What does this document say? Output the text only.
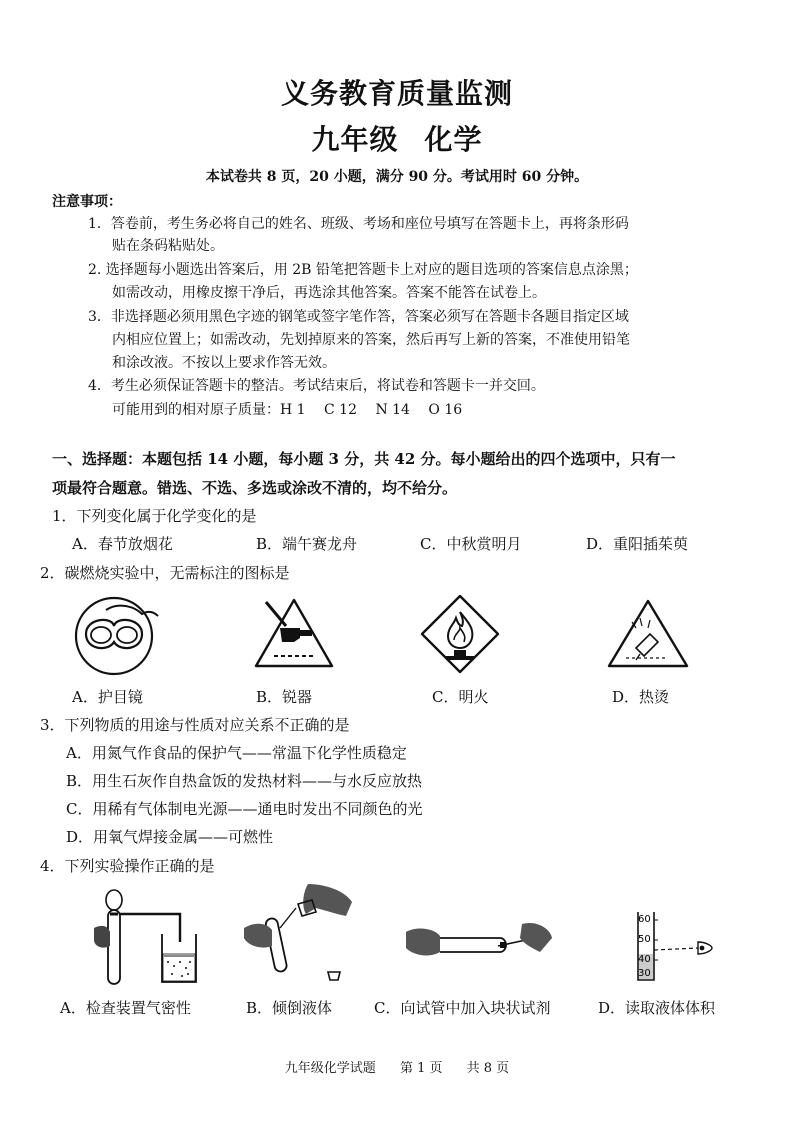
义务教育质量监测
九年级 化学
本试卷共 8 页，20 小题，满分 90 分。考试用时 60 分钟。
注意事项：
1．答卷前，考生务必将自己的姓名、班级、考场和座位号填写在答题卡上，再将条形码
贴在条码粘贴处。
2. 选择题每小题选出答案后，用 2B 铅笔把答题卡上对应的题目选项的答案信息点涂黑；
如需改动，用橡皮擦干净后，再选涂其他答案。答案不能答在试卷上。
3．非选择题必须用黑色字迹的钢笔或签字笔作答，答案必须写在答题卡各题目指定区域
内相应位置上；如需改动，先划掉原来的答案，然后再写上新的答案，不准使用铅笔
和涂改液。不按以上要求作答无效。
4．考生必须保证答题卡的整洁。考试结束后，将试卷和答题卡一并交回。
可能用到的相对原子质量：H 1　 C 12　 N 14　 O 16
一、选择题：本题包括 14 小题，每小题 3 分，共 42 分。每小题给出的四个选项中，只有一
项最符合题意。错选、不选、多选或涂改不清的，均不给分。
1．下列变化属于化学变化的是
A．春节放烟花	B．端午赛龙舟	C．中秋赏明月	D．重阳插茱萸
2．碳燃烧实验中，无需标注的图标是
A．护目镜	B．锐器	C．明火	D．热烫
3．下列物质的用途与性质对应关系不正确的是
A．用氮气作食品的保护气——常温下化学性质稳定
B．用生石灰作自热盒饭的发热材料——与水反应放热
C．用稀有气体制电光源——通电时发出不同颜色的光
D．用氧气焊接金属——可燃性
4．下列实验操作正确的是
60
50
40
30
A．检查装置气密性	B．倾倒液体	C．向试管中加入块状试剂	D．读取液体体积
九年级化学试题 第 1 页 共 8 页
